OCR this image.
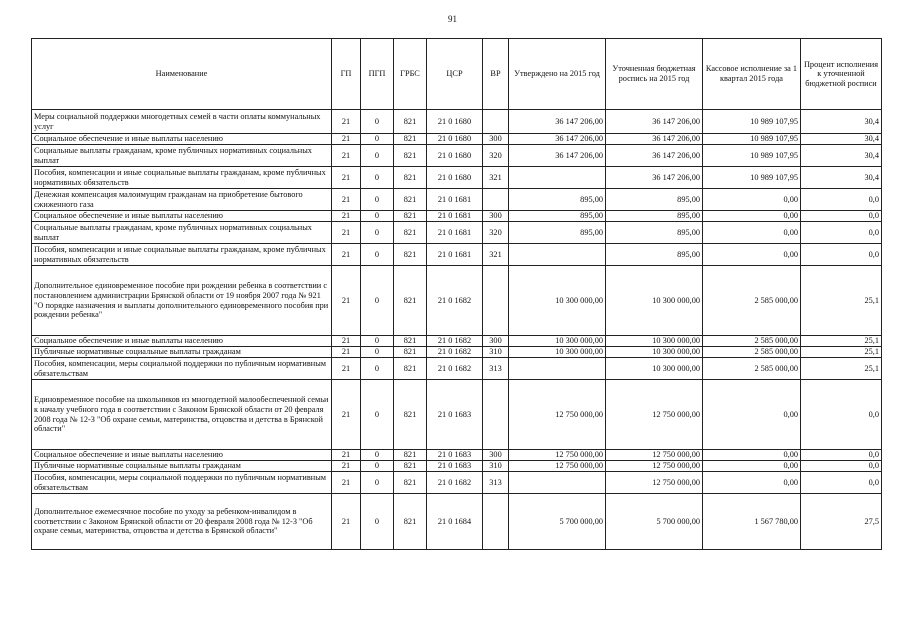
91
Наименование	ГП	ПГП	ГРБС	ЦСР	ВР	Утверждено на 2015 год	Уточненная бюджетная роспись на 2015 год	Кассовое исполнение за 1 квартал 2015 года	Процент исполнения к уточненной бюджетной росписи
Меры социальной поддержки многодетных семей в части оплаты коммунальных услуг	21	0	821	21 0 1680		36 147 206,00	36 147 206,00	10 989 107,95	30,4
Социальное обеспечение и иные выплаты населению	21	0	821	21 0 1680	300	36 147 206,00	36 147 206,00	10 989 107,95	30,4
Социальные выплаты гражданам, кроме публичных нормативных социальных выплат	21	0	821	21 0 1680	320	36 147 206,00	36 147 206,00	10 989 107,95	30,4
Пособия, компенсации и иные социальные выплаты гражданам, кроме публичных нормативных обязательств	21	0	821	21 0 1680	321		36 147 206,00	10 989 107,95	30,4
Денежная компенсация малоимущим гражданам на приобретение бытового сжиженного газа	21	0	821	21 0 1681		895,00	895,00	0,00	0,0
Социальное обеспечение и иные выплаты населению	21	0	821	21 0 1681	300	895,00	895,00	0,00	0,0
Социальные выплаты гражданам, кроме публичных нормативных социальных выплат	21	0	821	21 0 1681	320	895,00	895,00	0,00	0,0
Пособия, компенсации и иные социальные выплаты гражданам, кроме публичных нормативных обязательств	21	0	821	21 0 1681	321		895,00	0,00	0,0
Дополнительное единовременное пособие при рождении ребенка в соответствии с постановлением администрации Брянской области от 19 ноября 2007 года № 921 "О порядке назначения и выплаты дополнительного единовременного пособия при рождении ребенка"	21	0	821	21 0 1682		10 300 000,00	10 300 000,00	2 585 000,00	25,1
Социальное обеспечение и иные выплаты населению	21	0	821	21 0 1682	300	10 300 000,00	10 300 000,00	2 585 000,00	25,1
Публичные нормативные социальные выплаты гражданам	21	0	821	21 0 1682	310	10 300 000,00	10 300 000,00	2 585 000,00	25,1
Пособия, компенсации, меры социальной поддержки по публичным нормативным обязательствам	21	0	821	21 0 1682	313		10 300 000,00	2 585 000,00	25,1
Единовременное пособие на школьников из многодетной малообеспеченной семьи к началу учебного года в соответствии с Законом Брянской области от 20 февраля 2008 года № 12-З "Об охране семьи, материнства, отцовства и детства в Брянской области"	21	0	821	21 0 1683		12 750 000,00	12 750 000,00	0,00	0,0
Социальное обеспечение и иные выплаты населению	21	0	821	21 0 1683	300	12 750 000,00	12 750 000,00	0,00	0,0
Публичные нормативные социальные выплаты гражданам	21	0	821	21 0 1683	310	12 750 000,00	12 750 000,00	0,00	0,0
Пособия, компенсации, меры социальной поддержки по публичным нормативным обязательствам	21	0	821	21 0 1682	313		12 750 000,00	0,00	0,0
Дополнительное ежемесячное пособие по уходу за ребенком-инвалидом в соответствии с Законом Брянской области от 20 февраля 2008 года № 12-З "Об охране семьи, материнства, отцовства и детства в Брянской области"	21	0	821	21 0 1684		5 700 000,00	5 700 000,00	1 567 780,00	27,5
